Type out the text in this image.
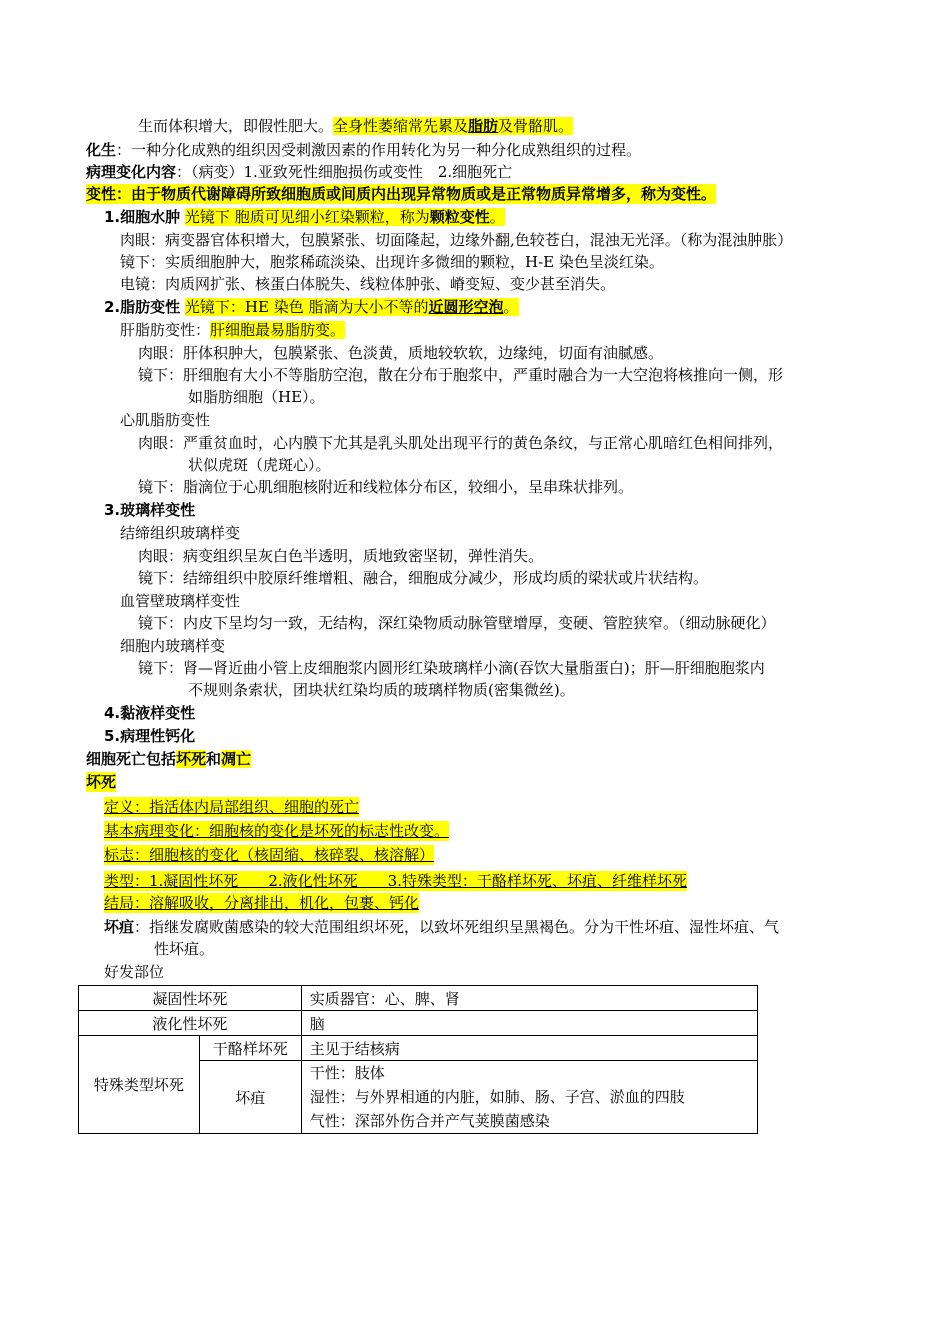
生而体积增大，即假性肥大。全身性萎缩常先累及脂肪及骨骼肌。
化生：一种分化成熟的组织因受刺激因素的作用转化为另一种分化成熟组织的过程。
病理变化内容：（病变）1.亚致死性细胞损伤或变性　2.细胞死亡
变性：由于物质代谢障碍所致细胞质或间质内出现异常物质或是正常物质异常增多，称为变性。
1.细胞水肿 光镜下 胞质可见细小红染颗粒，称为颗粒变性。
肉眼：病变器官体积增大，包膜紧张、切面隆起，边缘外翻,色较苍白，混浊无光泽。（称为混浊肿胀）
镜下：实质细胞肿大，胞浆稀疏淡染、出现许多微细的颗粒，H-E 染色呈淡红染。
电镜：肉质网扩张、核蛋白体脱失、线粒体肿张、嵴变短、变少甚至消失。
2.脂肪变性 光镜下：HE 染色 脂滴为大小不等的近圆形空泡。
肝脂肪变性：肝细胞最易脂肪变。
肉眼：肝体积肿大，包膜紧张、色淡黄，质地较软软，边缘纯，切面有油腻感。
镜下：肝细胞有大小不等脂肪空泡，散在分布于胞浆中，严重时融合为一大空泡将核推向一侧，形
如脂肪细胞（HE）。
心肌脂肪变性
肉眼：严重贫血时，心内膜下尤其是乳头肌处出现平行的黄色条纹，与正常心肌暗红色相间排列，
状似虎斑（虎斑心）。
镜下：脂滴位于心肌细胞核附近和线粒体分布区，较细小，呈串珠状排列。
3.玻璃样变性
结缔组织玻璃样变
肉眼：病变组织呈灰白色半透明，质地致密坚韧，弹性消失。
镜下：结缔组织中胶原纤维增粗、融合，细胞成分减少，形成均质的梁状或片状结构。
血管壁玻璃样变性
镜下：内皮下呈均匀一致，无结构，深红染物质动脉管壁增厚，变硬、管腔狭窄。（细动脉硬化）
细胞内玻璃样变
镜下：肾—肾近曲小管上皮细胞浆内圆形红染玻璃样小滴(吞饮大量脂蛋白)；肝—肝细胞胞浆内
不规则条索状，团块状红染均质的玻璃样物质(密集微丝)。
4.黏液样变性
5.病理性钙化
细胞死亡包括坏死和凋亡
坏死
定义：指活体内局部组织、细胞的死亡
基本病理变化：细胞核的变化是坏死的标志性改变。
标志：细胞核的变化（核固缩、核碎裂、核溶解）
类型：1.凝固性坏死　　2.液化性坏死　　3.特殊类型：干酪样坏死、坏疽、纤维样坏死
结局：溶解吸收，分离排出，机化，包裹、钙化
坏疽：指继发腐败菌感染的较大范围组织坏死，以致坏死组织呈黑褐色。分为干性坏疽、湿性坏疽、气
性坏疽。
好发部位
凝固性坏死		实质器官：心、脾、肾
液化性坏死		脑
特殊类型坏死	干酪样坏死	主见于结核病
	坏疽	干性：肢体
湿性：与外界相通的内脏，如肺、肠、子宫、淤血的四肢
气性：深部外伤合并产气荚膜菌感染
